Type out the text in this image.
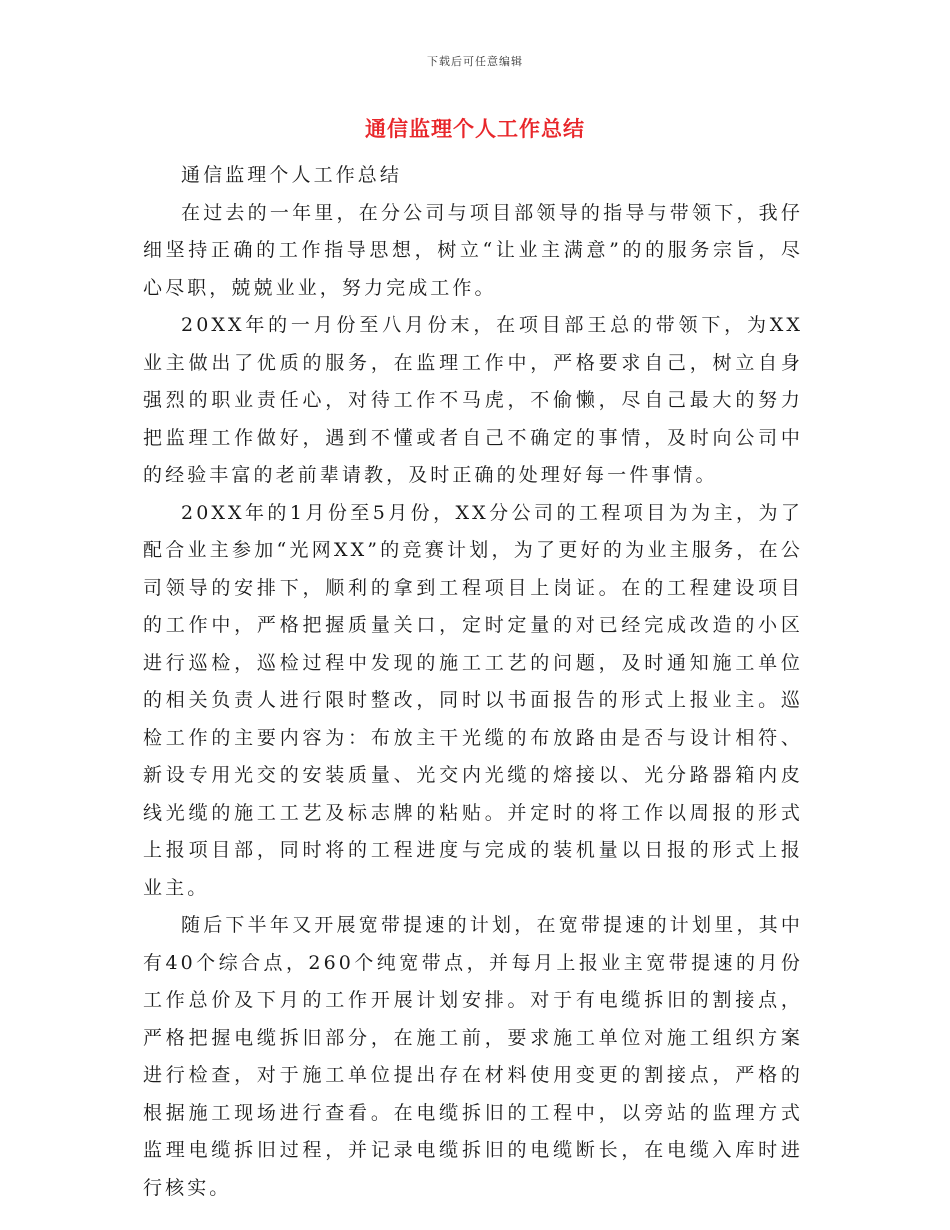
下载后可任意编辑
通信监理个人工作总结

通信监理个人工作总结

在过去的一年里，在分公司与项目部领导的指导与带领下，我仔细坚持正确的工作指导思想，树立“让业主满意”的的服务宗旨，尽心尽职，兢兢业业，努力完成工作。

20XX年的一月份至八月份末，在项目部王总的带领下，为XX业主做出了优质的服务，在监理工作中，严格要求自己，树立自身强烈的职业责任心，对待工作不马虎，不偷懒，尽自己最大的努力把监理工作做好，遇到不懂或者自己不确定的事情，及时向公司中的经验丰富的老前辈请教，及时正确的处理好每一件事情。

20XX年的1月份至5月份，XX分公司的工程项目为为主，为了配合业主参加“光网XX”的竞赛计划，为了更好的为业主服务，在公司领导的安排下，顺利的拿到工程项目上岗证。在的工程建设项目的工作中，严格把握质量关口，定时定量的对已经完成改造的小区进行巡检，巡检过程中发现的施工工艺的问题，及时通知施工单位的相关负责人进行限时整改，同时以书面报告的形式上报业主。巡检工作的主要内容为：布放主干光缆的布放路由是否与设计相符、新设专用光交的安装质量、光交内光缆的熔接以、光分路器箱内皮线光缆的施工工艺及标志牌的粘贴。并定时的将工作以周报的形式上报项目部，同时将的工程进度与完成的装机量以日报的形式上报业主。

随后下半年又开展宽带提速的计划，在宽带提速的计划里，其中有40个综合点，260个纯宽带点，并每月上报业主宽带提速的月份工作总价及下月的工作开展计划安排。对于有电缆拆旧的割接点，严格把握电缆拆旧部分，在施工前，要求施工单位对施工组织方案进行检查，对于施工单位提出存在材料使用变更的割接点，严格的根据施工现场进行查看。在电缆拆旧的工程中，以旁站的监理方式监理电缆拆旧过程，并记录电缆拆旧的电缆断长，在电缆入库时进行核实。
